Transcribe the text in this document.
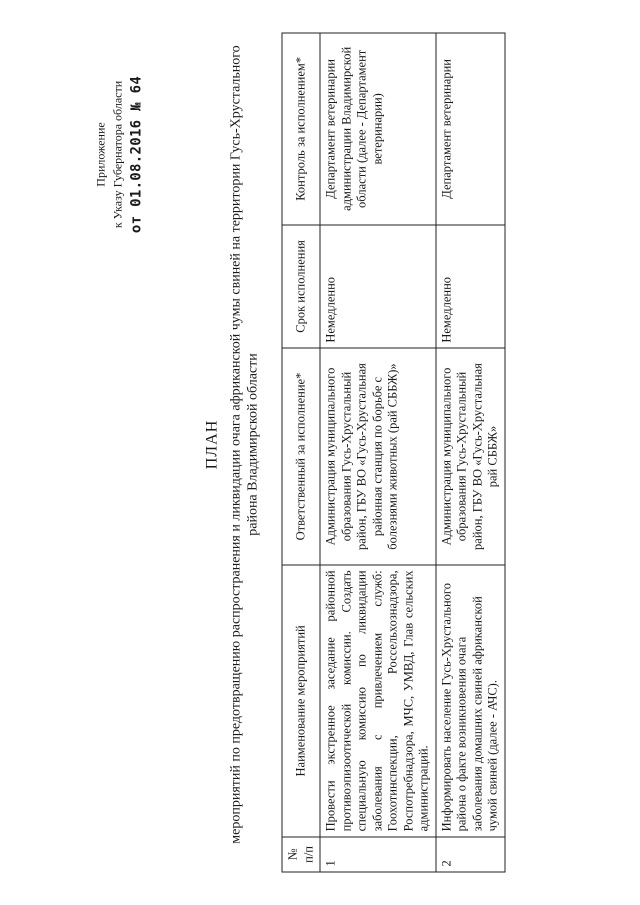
Приложение к Указу Губернатора области от 01.08.2016 № 64
ПЛАН мероприятий по предотвращению распространения и ликвидации очага африканской чумы свиней на территории Гусь-Хрустального района Владимирской области
№ п/п	Наименование мероприятий	Ответственный за исполнение*	Срок исполнения	Контроль за исполнением*
1	Провести экстренное заседание районной противоэпизоотической комиссии. Создать специальную комиссию по ликвидации заболевания с привлечением служб: Гоохотинспекции, Россельхознадзора, Роспотребнадзора, МЧС, УМВД, Глав сельских администраций.	Администрация муниципального образования Гусь-Хрустальный район, ГБУ ВО «Гусь-Хрустальная районная станция по борьбе с болезнями животных (рай СББЖ)»	Немедленно	Департамент ветеринарии администрации Владимирской области (далее - Департамент ветеринарии)
2	Информировать население Гусь-Хрустального района о факте возникновения очага заболевания домашних свиней африканской чумой свиней (далее - АЧС).	Администрация муниципального образования Гусь-Хрустальный район, ГБУ ВО «Гусь-Хрустальная рай СББЖ»	Немедленно	Департамент ветеринарии
